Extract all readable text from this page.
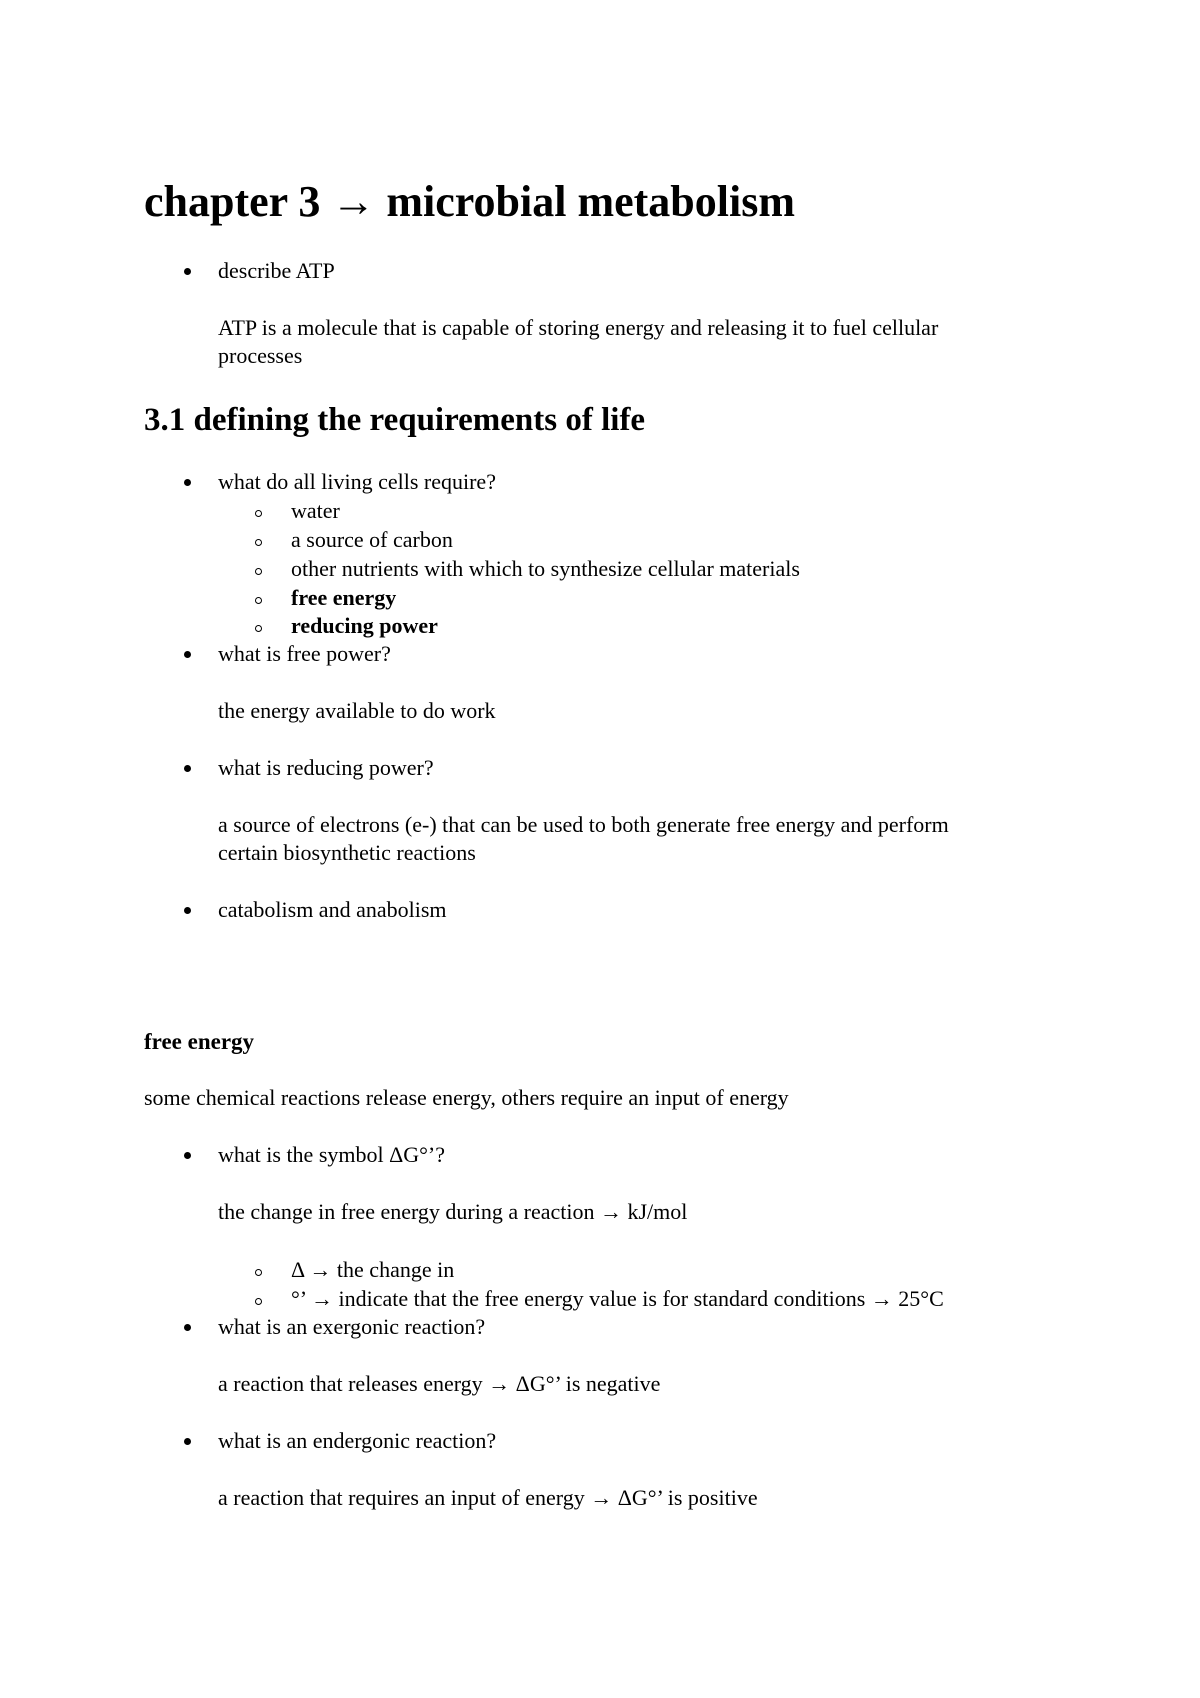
chapter 3 → microbial metabolism
describe ATP
ATP is a molecule that is capable of storing energy and releasing it to fuel cellular
processes
3.1 defining the requirements of life
what do all living cells require?
water
a source of carbon
other nutrients with which to synthesize cellular materials
free energy
reducing power
what is free power?
the energy available to do work
what is reducing power?
a source of electrons (e-) that can be used to both generate free energy and perform
certain biosynthetic reactions
catabolism and anabolism
free energy
some chemical reactions release energy, others require an input of energy
what is the symbol ΔG°’?
the change in free energy during a reaction → kJ/mol
Δ → the change in
°’ → indicate that the free energy value is for standard conditions → 25°C
what is an exergonic reaction?
a reaction that releases energy → ΔG°’ is negative
what is an endergonic reaction?
a reaction that requires an input of energy → ΔG°’ is positive
